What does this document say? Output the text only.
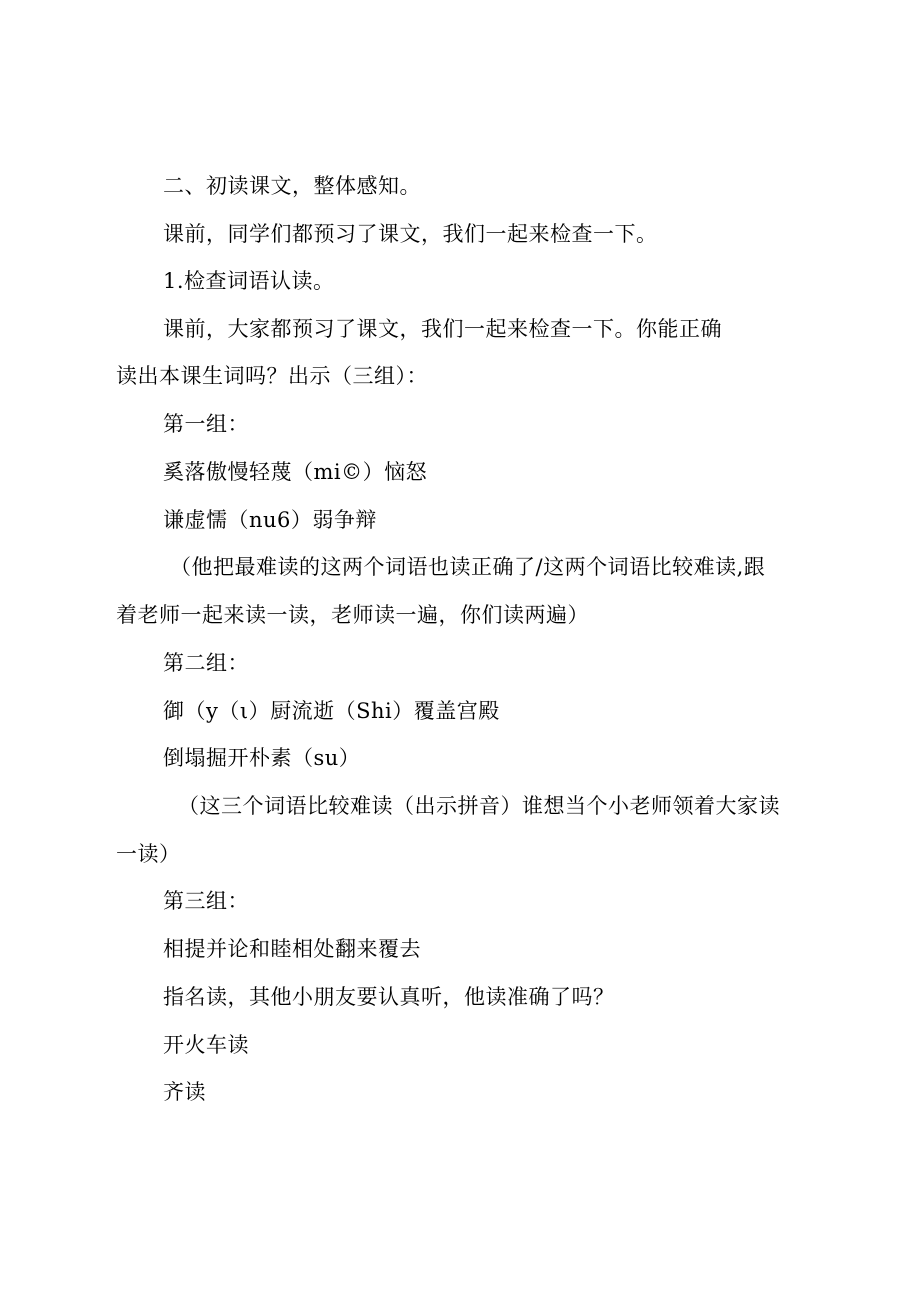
二、初读课文，整体感知。
课前，同学们都预习了课文，我们一起来检查一下。
1.检查词语认读。
课前，大家都预习了课文，我们一起来检查一下。你能正确
读出本课生词吗？出示（三组）：
第一组：
奚落傲慢轻蔑（mi©）恼怒
谦虚懦（nu6）弱争辩
（他把最难读的这两个词语也读正确了/这两个词语比较难读,跟
着老师一起来读一读，老师读一遍，你们读两遍）
第二组：
御（y（ι）厨流逝（Shi）覆盖宫殿
倒塌掘开朴素（su）
（这三个词语比较难读（出示拼音）谁想当个小老师领着大家读
一读）
第三组：
相提并论和睦相处翻来覆去
指名读，其他小朋友要认真听，他读准确了吗？
开火车读
齐读
